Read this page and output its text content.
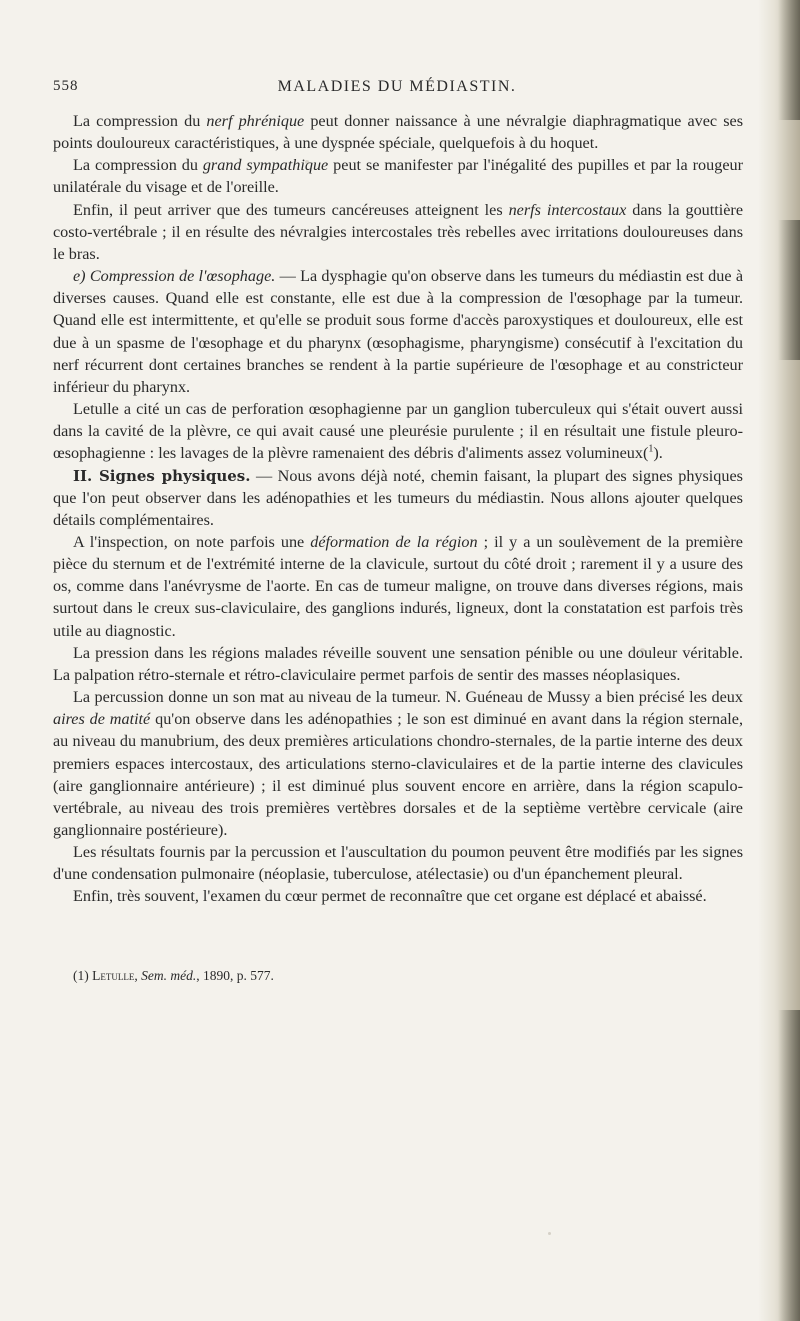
558	MALADIES DU MÉDIASTIN.

La compression du nerf phrénique peut donner naissance à une névralgie diaphragmatique avec ses points douloureux caractéristiques, à une dyspnée spéciale, quelquefois à du hoquet.

La compression du grand sympathique peut se manifester par l'inégalité des pupilles et par la rougeur unilatérale du visage et de l'oreille.

Enfin, il peut arriver que des tumeurs cancéreuses atteignent les nerfs intercostaux dans la gouttière costo-vertébrale ; il en résulte des névralgies intercostales très rebelles avec irritations douloureuses dans le bras.

e) Compression de l'œsophage. — La dysphagie qu'on observe dans les tumeurs du médiastin est due à diverses causes. Quand elle est constante, elle est due à la compression de l'œsophage par la tumeur. Quand elle est intermittente, et qu'elle se produit sous forme d'accès paroxystiques et douloureux, elle est due à un spasme de l'œsophage et du pharynx (œsophagisme, pharyngisme) consécutif à l'excitation du nerf récurrent dont certaines branches se rendent à la partie supérieure de l'œsophage et au constricteur inférieur du pharynx.

Letulle a cité un cas de perforation œsophagienne par un ganglion tuberculeux qui s'était ouvert aussi dans la cavité de la plèvre, ce qui avait causé une pleurésie purulente ; il en résultait une fistule pleuro-œsophagienne : les lavages de la plèvre ramenaient des débris d'aliments assez volumineux($^1$).

II. Signes physiques. — Nous avons déjà noté, chemin faisant, la plupart des signes physiques que l'on peut observer dans les adénopathies et les tumeurs du médiastin. Nous allons ajouter quelques détails complémentaires.

A l'inspection, on note parfois une déformation de la région ; il y a un soulèvement de la première pièce du sternum et de l'extrémité interne de la clavicule, surtout du côté droit ; rarement il y a usure des os, comme dans l'anévrysme de l'aorte. En cas de tumeur maligne, on trouve dans diverses régions, mais surtout dans le creux sus-claviculaire, des ganglions indurés, ligneux, dont la constatation est parfois très utile au diagnostic.

La pression dans les régions malades réveille souvent une sensation pénible ou une douleur véritable. La palpation rétro-sternale et rétro-claviculaire permet parfois de sentir des masses néoplasiques.

La percussion donne un son mat au niveau de la tumeur. N. Guéneau de Mussy a bien précisé les deux aires de matité qu'on observe dans les adénopathies ; le son est diminué en avant dans la région sternale, au niveau du manubrium, des deux premières articulations chondro-sternales, de la partie interne des deux premiers espaces intercostaux, des articulations sterno-claviculaires et de la partie interne des clavicules (aire ganglionnaire antérieure) ; il est diminué plus souvent encore en arrière, dans la région scapulo-vertébrale, au niveau des trois premières vertèbres dorsales et de la septième vertèbre cervicale (aire ganglionnaire postérieure).

Les résultats fournis par la percussion et l'auscultation du poumon peuvent être modifiés par les signes d'une condensation pulmonaire (néoplasie, tuberculose, atélectasie) ou d'un épanchement pleural.

Enfin, très souvent, l'examen du cœur permet de reconnaître que cet organe est déplacé et abaissé.

(1) Letulle, Sem. méd., 1890, p. 577.
